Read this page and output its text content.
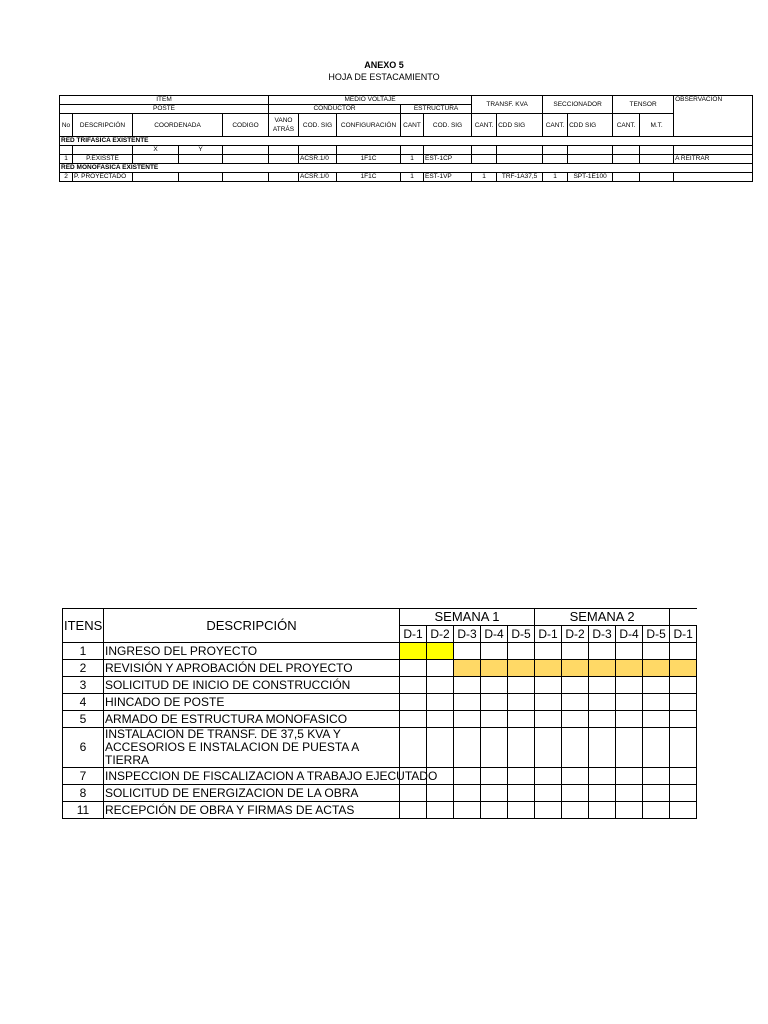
ANEXO 5
HOJA DE ESTACAMIENTO
ITEM					MEDIO VOLTAJE					TRANSF. KVA		SECCIONADOR		TENSOR		OBSERVACION
POSTE					CONDUCTOR			ESTRUCTURA								
No	DESCRIPCIÓN	COORDENADA		CODIGO	VANO ATRÁS	COD. SIG	CONFIGURACIÓN	CANT	COD. SIG	CANT.	CDD SIG	CANT.	CDD SIG	CANT.	M.T.	
RED TRIFASICA EXISTENTE																
		X	Y													
1	P.EXISSTE					ACSR.1/0	1F1C	1	EST-1CP							A REITRAR
RED MONOFASICA EXISTENTE																
2	P. PROYECTADO					ACSR.1/0	1F1C	1	EST-1VP	1	TRF-1A37,5	1	SPT-1E100			
ITENS	DESCRIPCIÓN	SEMANA 1					SEMANA 2					
		D-1	D-2	D-3	D-4	D-5	D-1	D-2	D-3	D-4	D-5	D-1
1	INGRESO DEL PROYECTO											
2	REVISIÓN Y APROBACIÓN DEL PROYECTO											
3	SOLICITUD DE INICIO DE CONSTRUCCIÓN											
4	HINCADO DE POSTE											
5	ARMADO DE ESTRUCTURA MONOFASICO											
6	INSTALACION DE TRANSF. DE 37,5 KVA Y ACCESORIOS E INSTALACION DE PUESTA A TIERRA											
7	INSPECCION DE FISCALIZACION A TRABAJO EJECUTADO											
8	SOLICITUD DE ENERGIZACION DE LA OBRA											
11	RECEPCIÓN DE OBRA Y FIRMAS DE ACTAS											
